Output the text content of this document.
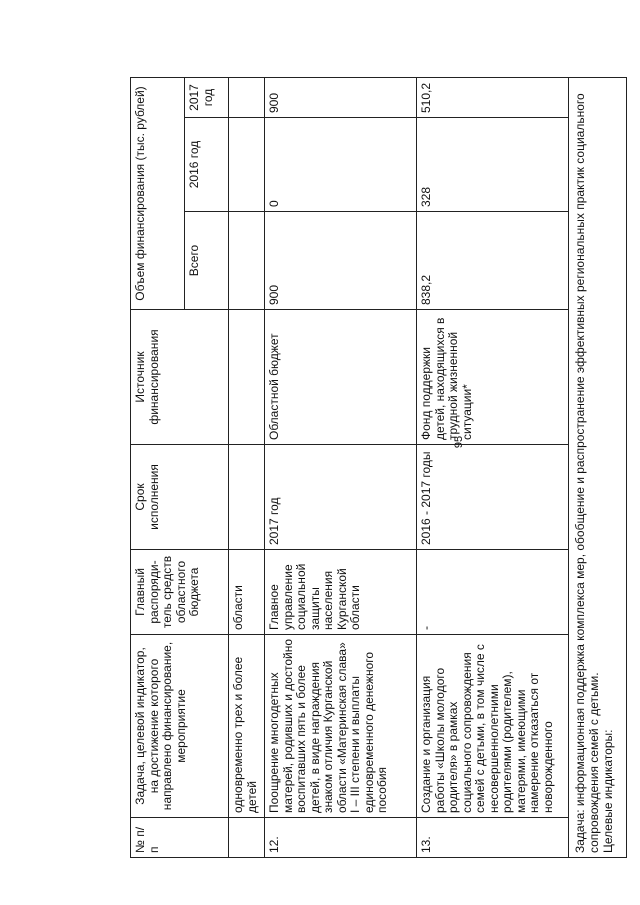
95
№ п/п	Задача, целевой индикатор, на достижение которого направлено финансирование, мероприятие	Главный распоряди-тель средств областного бюджета	Срок исполнения	Источник финансирования	Объем финансирования (тыс. рублей)		
					Всего	2016 год	2017 год
	одновременно трех и более детей	области					
12.	Поощрение многодетных матерей, родивших и достойно воспитавших пять и более детей, в виде награждения знаком отличия Курганской области «Материнская слава» I – III степени и выплаты единовременного денежного пособия	Главное управление социальной защиты населения Курганской области	2017 год	Областной бюджет	900	0	900
13.	Создание и организация работы «Школы молодого родителя» в рамках социального сопровождения семей с детьми, в том числе с несовершеннолетними родителями (родителем), матерями, имеющими намерение отказаться от новорожденного	-	2016 - 2017 годы	Фонд поддержки детей, находящихся в трудной жизненной ситуации*	838,2	328	510,2

Задача: информационная поддержка комплекса мер, обобщение и распространение эффективных региональных практик социального сопровождения семей с детьми. Целевые индикаторы:							
